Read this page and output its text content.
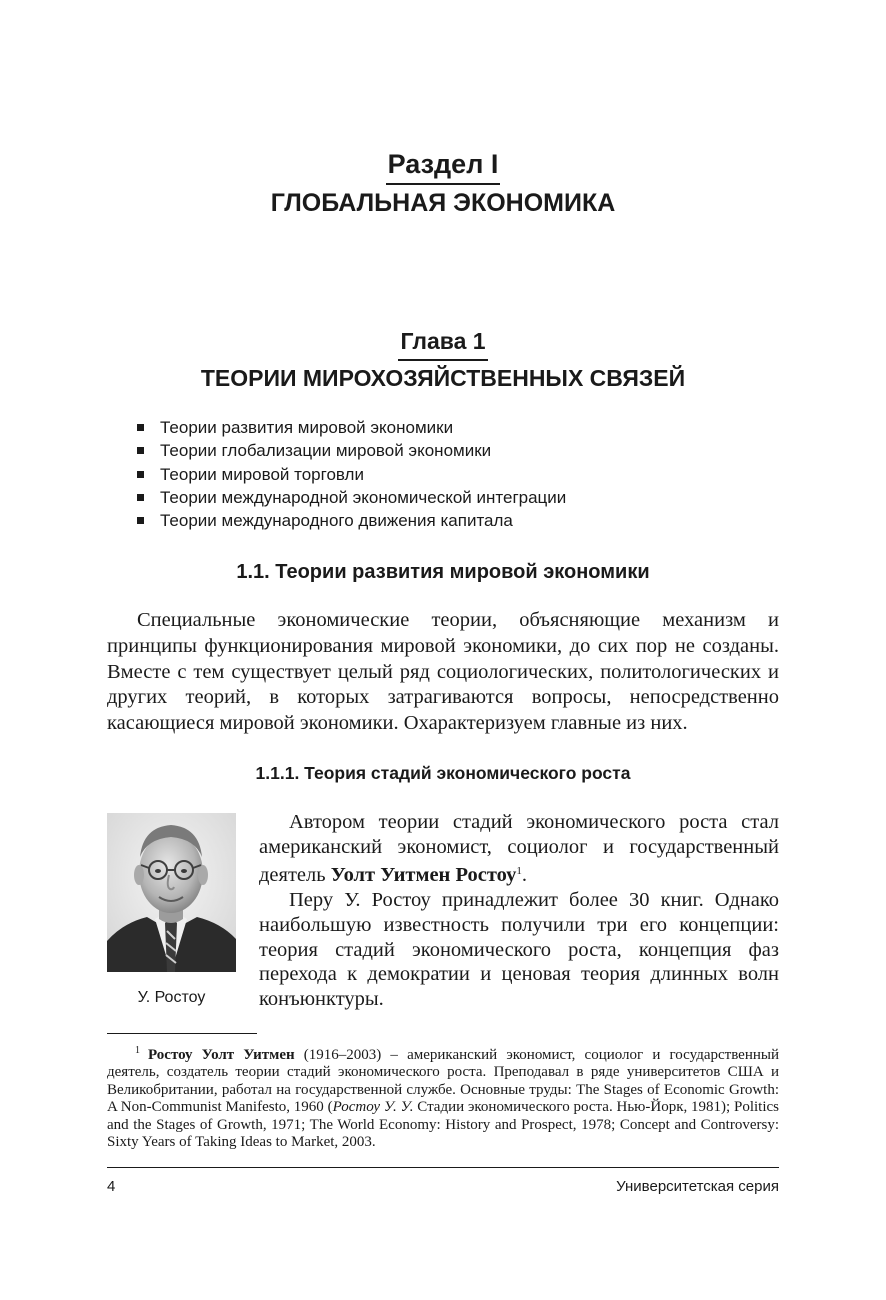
Раздел I
ГЛОБАЛЬНАЯ ЭКОНОМИКА
Глава 1
ТЕОРИИ МИРОХОЗЯЙСТВЕННЫХ СВЯЗЕЙ
Теории развития мировой экономики
Теории глобализации мировой экономики
Теории мировой торговли
Теории международной экономической интеграции
Теории международного движения капитала
1.1. Теории развития мировой экономики

Специальные экономические теории, объясняющие механизм и принципы функционирования мировой экономики, до сих пор не созданы. Вместе с тем существует целый ряд социологических, политологических и других теорий, в которых затрагиваются вопросы, непосредственно касающиеся мировой экономики. Охарактеризуем главные из них.

1.1.1. Теория стадий экономического роста
У. Ростоу

Автором теории стадий экономического роста стал американский экономист, социолог и государственный деятель Уолт Уитмен Ростоу$^1$.

Перу У. Ростоу принадлежит более 30 книг. Однако наибольшую известность получили три его концепции: теория стадий экономического роста, концепция фаз перехода к демократии и ценовая теория длинных волн конъюнктуры.

$^1$ Ростоу Уолт Уитмен (1916–2003) – американский экономист, социолог и государственный деятель, создатель теории стадий экономического роста. Преподавал в ряде университетов США и Великобритании, работал на государственной службе. Основные труды: The Stages of Economic Growth: A Non-Communist Manifesto, 1960 (Ростоу У. У. Стадии экономического роста. Нью-Йорк, 1981); Politics and the Stages of Growth, 1971; The World Economy: History and Prospect, 1978; Concept and Controversy: Sixty Years of Taking Ideas to Market, 2003.
4	Университетская серия
